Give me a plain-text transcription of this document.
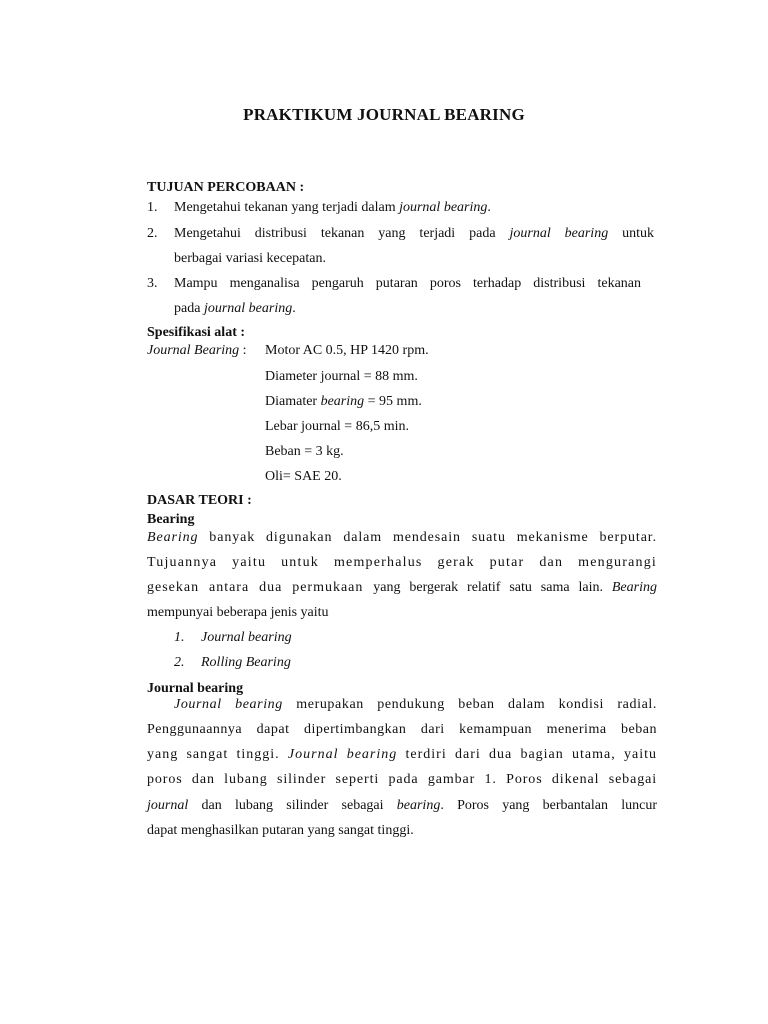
PRAKTIKUM JOURNAL BEARING
TUJUAN PERCOBAAN :
1. Mengetahui tekanan yang terjadi dalam journal bearing.
2. Mengetahui distribusi tekanan yang terjadi pada journal bearing untuk
berbagai variasi kecepatan.
3. Mampu menganalisa pengaruh putaran poros terhadap distribusi tekanan
pada journal bearing.
Spesifikasi alat :
Journal Bearing : Motor AC 0.5, HP 1420 rpm.
Diameter journal = 88 mm.
Diamater bearing = 95 mm.
Lebar journal = 86,5 min.
Beban = 3 kg.
Oli= SAE 20.
DASAR TEORI :
Bearing
Bearing banyak digunakan dalam mendesain suatu mekanisme berputar.
Tujuannya yaitu untuk memperhalus gerak putar dan mengurangi
gesekan antara dua permukaan yang bergerak relatif satu sama lain. Bearing
mempunyai beberapa jenis yaitu
1. Journal bearing
2. Rolling Bearing
Journal bearing
Journal bearing merupakan pendukung beban dalam kondisi radial.
Penggunaannya dapat dipertimbangkan dari kemampuan menerima beban
yang sangat tinggi. Journal bearing terdiri dari dua bagian utama, yaitu
poros dan lubang silinder seperti pada gambar 1. Poros dikenal sebagai
journal dan lubang silinder sebagai bearing. Poros yang berbantalan luncur
dapat menghasilkan putaran yang sangat tinggi.
